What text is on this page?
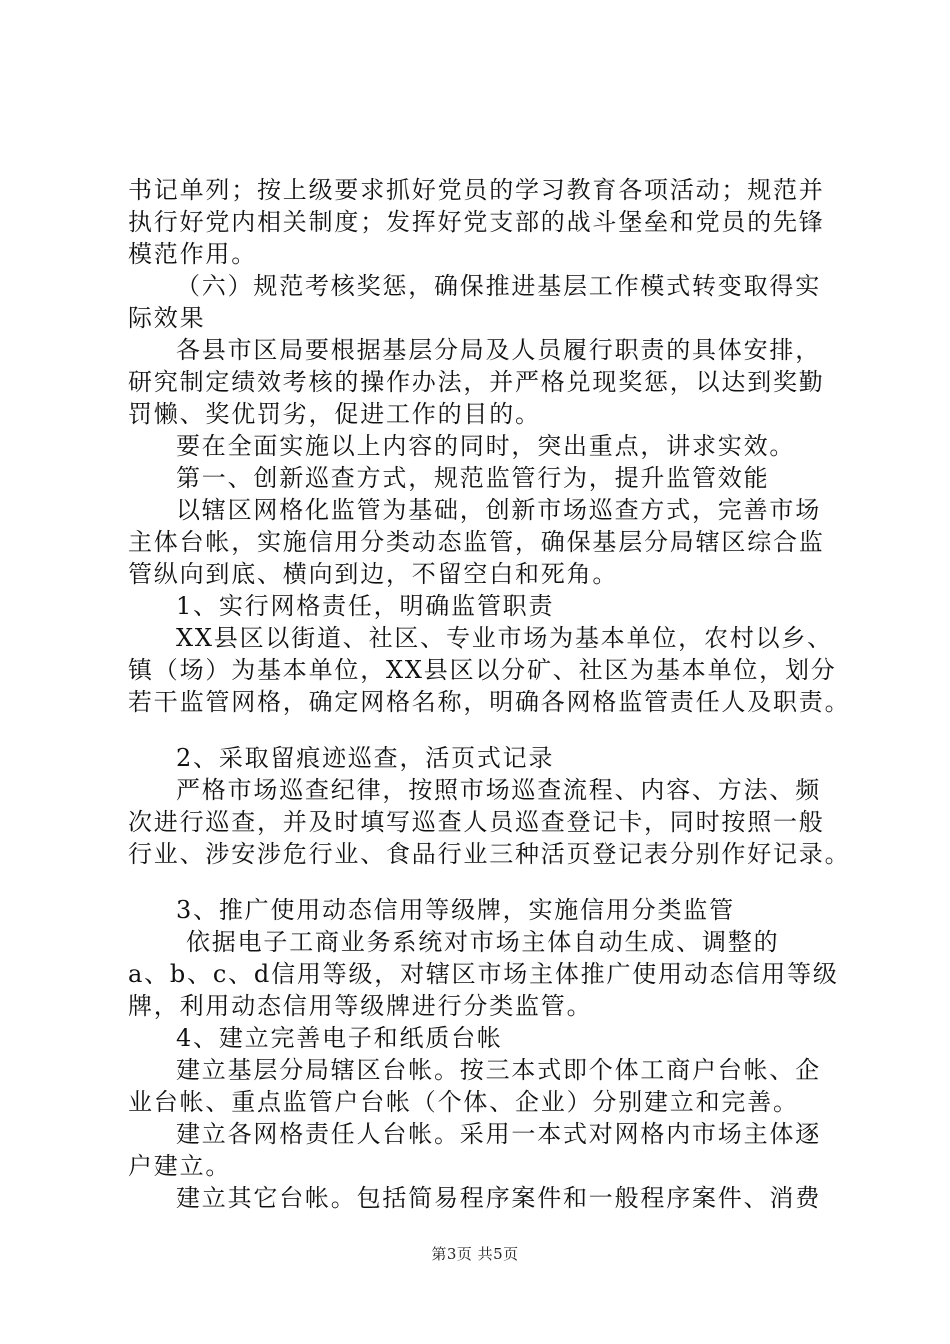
书记单列；按上级要求抓好党员的学习教育各项活动；规范并
执行好党内相关制度；发挥好党支部的战斗堡垒和党员的先锋
模范作用。
（六）规范考核奖惩，确保推进基层工作模式转变取得实
际效果
各县市区局要根据基层分局及人员履行职责的具体安排，
研究制定绩效考核的操作办法，并严格兑现奖惩，以达到奖勤
罚懒、奖优罚劣，促进工作的目的。
要在全面实施以上内容的同时，突出重点，讲求实效。
第一、创新巡查方式，规范监管行为，提升监管效能
以辖区网格化监管为基础，创新市场巡查方式，完善市场
主体台帐，实施信用分类动态监管，确保基层分局辖区综合监
管纵向到底、横向到边，不留空白和死角。
1、实行网格责任，明确监管职责
XX县区以街道、社区、专业市场为基本单位，农村以乡、
镇（场）为基本单位，XX县区以分矿、社区为基本单位，划分
若干监管网格，确定网格名称，明确各网格监管责任人及职责。
2、采取留痕迹巡查，活页式记录
严格市场巡查纪律，按照市场巡查流程、内容、方法、频
次进行巡查，并及时填写巡查人员巡查登记卡，同时按照一般
行业、涉安涉危行业、食品行业三种活页登记表分别作好记录。
3、推广使用动态信用等级牌，实施信用分类监管
依据电子工商业务系统对市场主体自动生成、调整的
a、b、c、d信用等级，对辖区市场主体推广使用动态信用等级
牌，利用动态信用等级牌进行分类监管。
4、建立完善电子和纸质台帐
建立基层分局辖区台帐。按三本式即个体工商户台帐、企
业台帐、重点监管户台帐（个体、企业）分别建立和完善。
建立各网格责任人台帐。采用一本式对网格内市场主体逐
户建立。
建立其它台帐。包括简易程序案件和一般程序案件、消费
第3页 共5页
